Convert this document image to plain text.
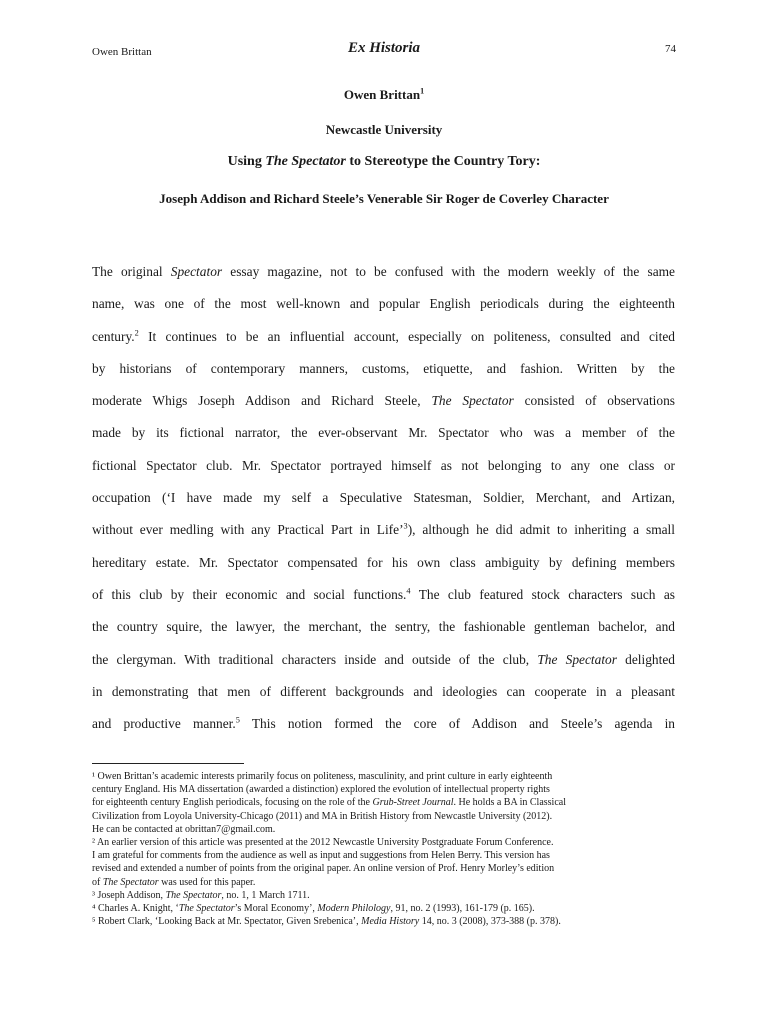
Owen Brittan	Ex Historia	74
Owen Brittan$^1$
Newcastle University
Using The Spectator to Stereotype the Country Tory:
Joseph Addison and Richard Steele’s Venerable Sir Roger de Coverley Character
The original Spectator essay magazine, not to be confused with the modern weekly of the same
name, was one of the most well-known and popular English periodicals during the eighteenth
century.$^2$ It continues to be an influential account, especially on politeness, consulted and cited
by historians of contemporary manners, customs, etiquette, and fashion. Written by the
moderate Whigs Joseph Addison and Richard Steele, The Spectator consisted of observations
made by its fictional narrator, the ever-observant Mr. Spectator who was a member of the
fictional Spectator club. Mr. Spectator portrayed himself as not belonging to any one class or
occupation (‘I have made my self a Speculative Statesman, Soldier, Merchant, and Artizan,
without ever medling with any Practical Part in Life’$^3$), although he did admit to inheriting a small
hereditary estate. Mr. Spectator compensated for his own class ambiguity by defining members
of this club by their economic and social functions.$^4$ The club featured stock characters such as
the country squire, the lawyer, the merchant, the sentry, the fashionable gentleman bachelor, and
the clergyman. With traditional characters inside and outside of the club, The Spectator delighted
in demonstrating that men of different backgrounds and ideologies can cooperate in a pleasant
and productive manner.$^5$ This notion formed the core of Addison and Steele’s agenda in
¹ Owen Brittan’s academic interests primarily focus on politeness, masculinity, and print culture in early eighteenth
century England. His MA dissertation (awarded a distinction) explored the evolution of intellectual property rights
for eighteenth century English periodicals, focusing on the role of the Grub-Street Journal. He holds a BA in Classical
Civilization from Loyola University-Chicago (2011) and MA in British History from Newcastle University (2012).
He can be contacted at obrittan7@gmail.com.
² An earlier version of this article was presented at the 2012 Newcastle University Postgraduate Forum Conference.
I am grateful for comments from the audience as well as input and suggestions from Helen Berry. This version has
revised and extended a number of points from the original paper. An online version of Prof. Henry Morley’s edition
of The Spectator was used for this paper.
³ Joseph Addison, The Spectator, no. 1, 1 March 1711.
⁴ Charles A. Knight, ‘The Spectator’s Moral Economy’, Modern Philology, 91, no. 2 (1993), 161-179 (p. 165).
⁵ Robert Clark, ‘Looking Back at Mr. Spectator, Given Srebenica’, Media History 14, no. 3 (2008), 373-388 (p. 378).
